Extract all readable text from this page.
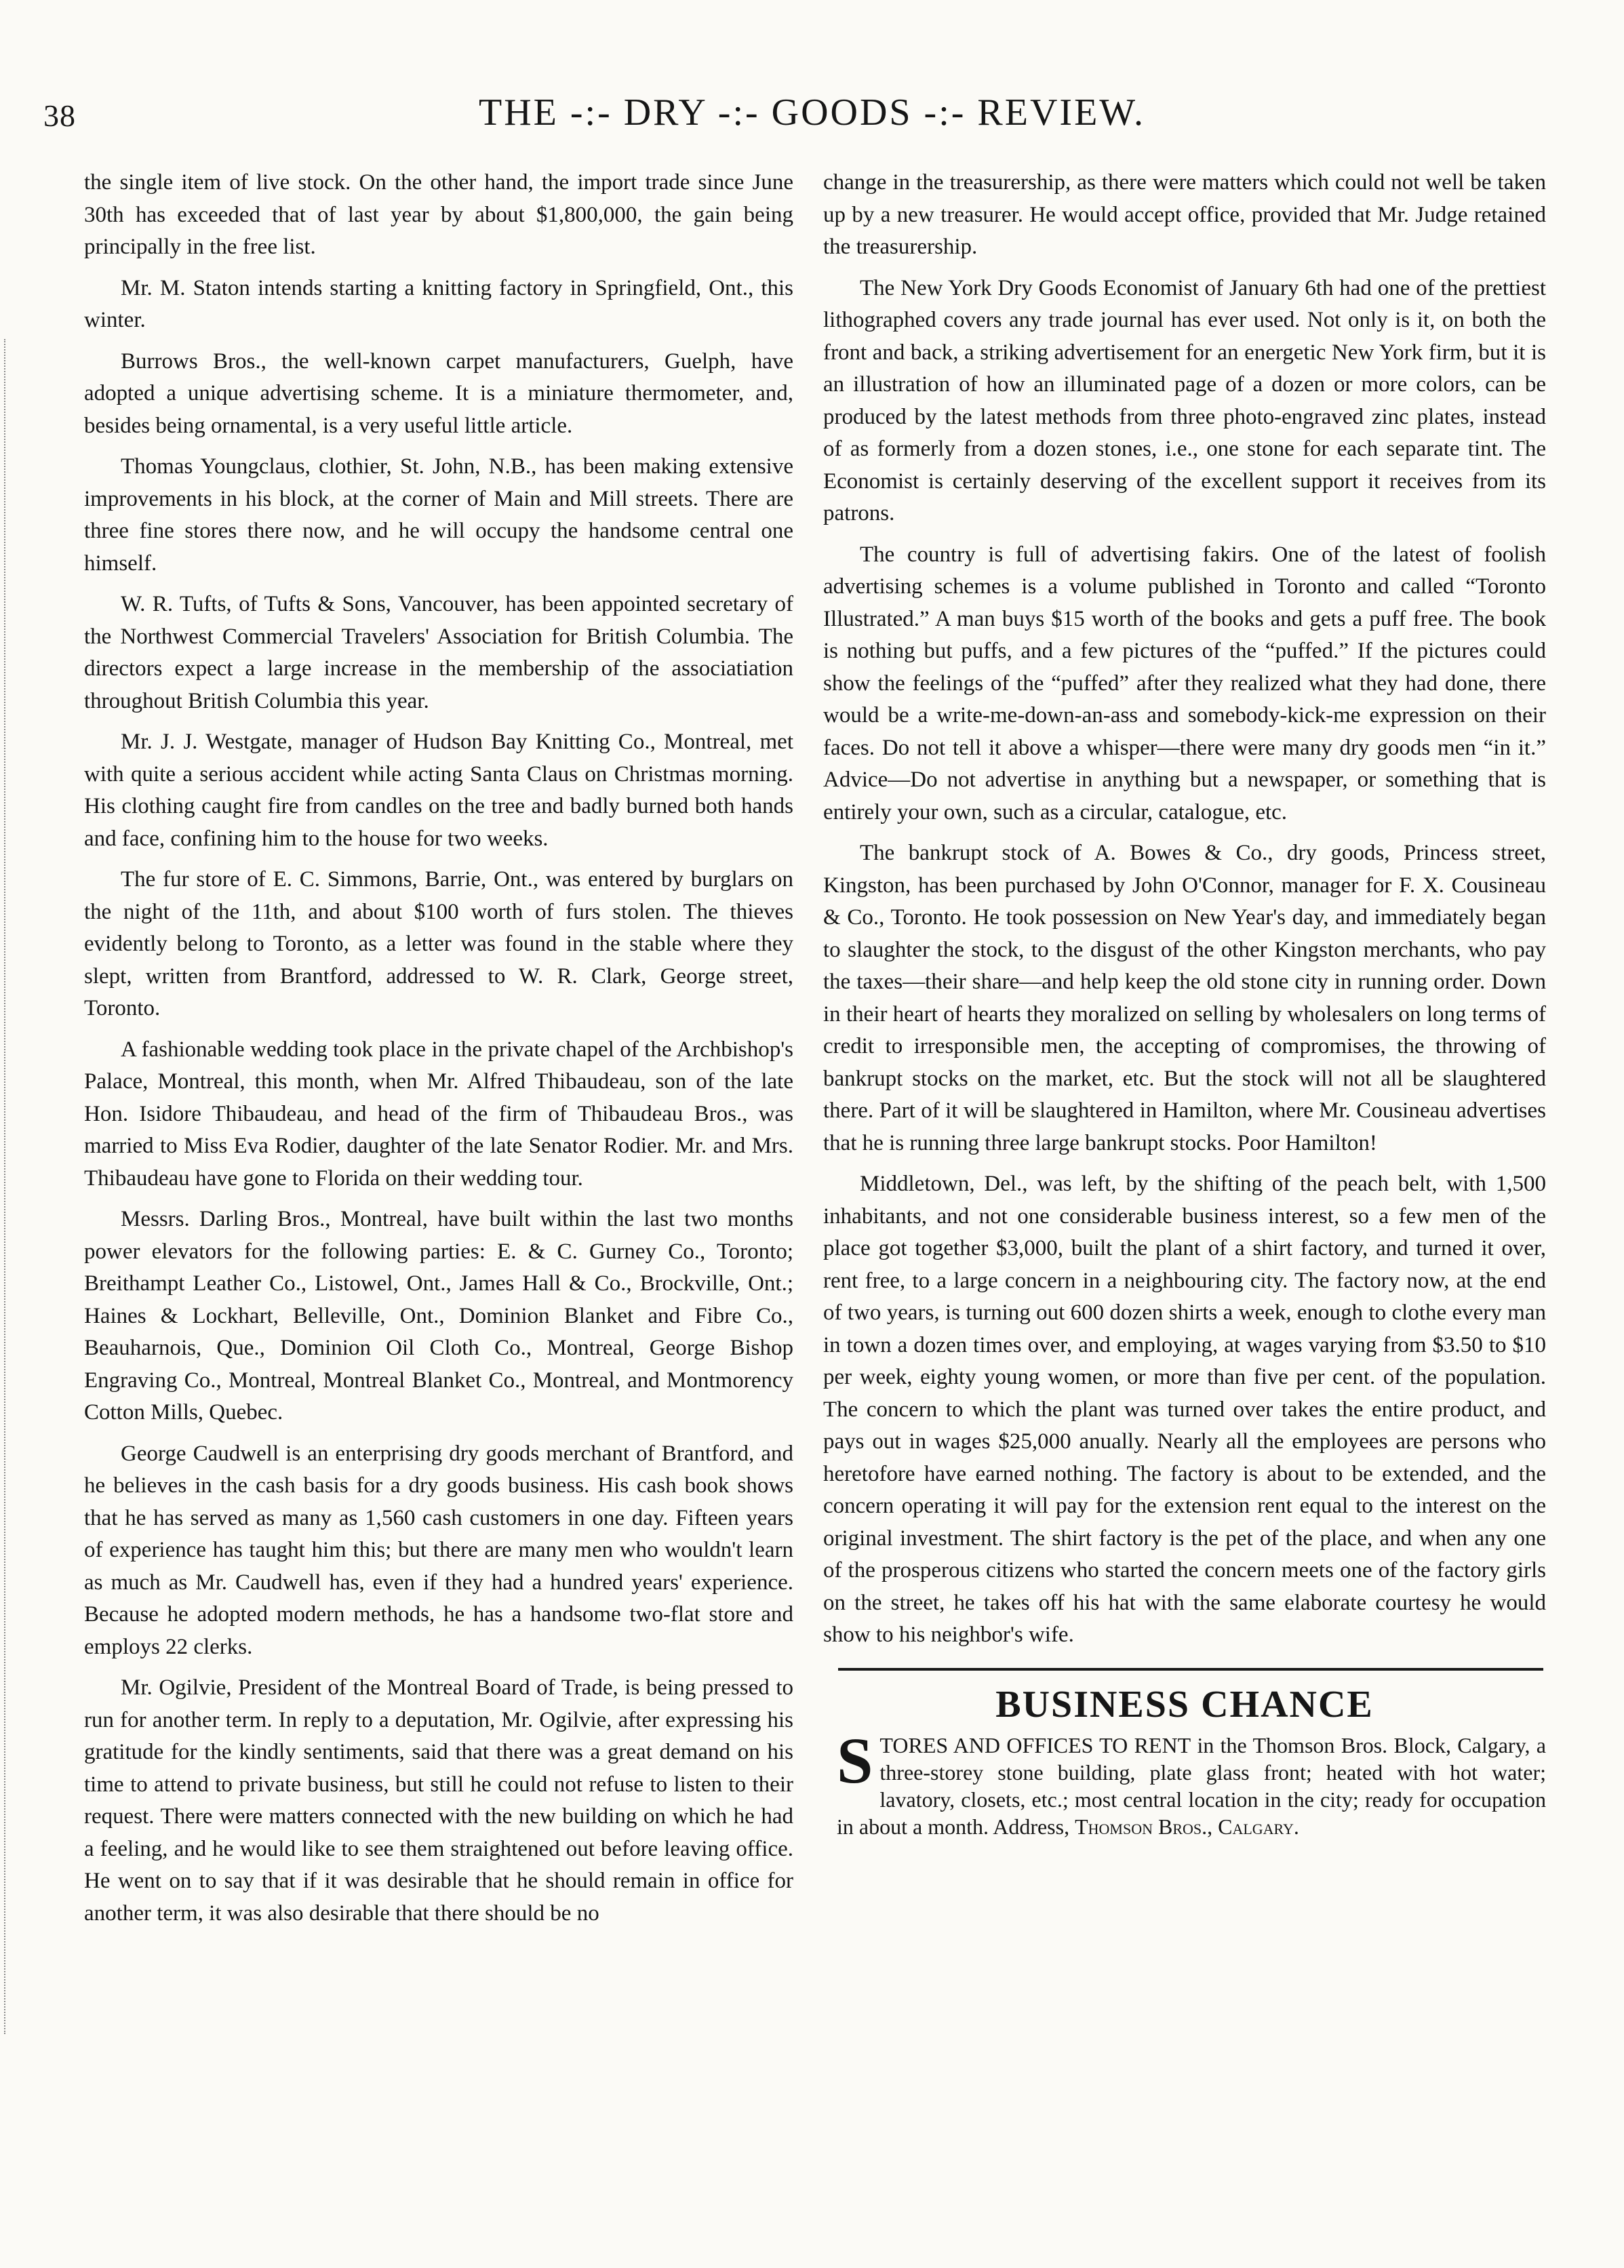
38	THE -:- DRY -:- GOODS -:- REVIEW.

the single item of live stock. On the other hand, the import trade since June 30th has exceeded that of last year by about $1,800,000, the gain being principally in the free list.

Mr. M. Staton intends starting a knitting factory in Springfield, Ont., this winter.

Burrows Bros., the well-known carpet manufacturers, Guelph, have adopted a unique advertising scheme. It is a miniature thermometer, and, besides being ornamental, is a very useful little article.

Thomas Youngclaus, clothier, St. John, N.B., has been making extensive improvements in his block, at the corner of Main and Mill streets. There are three fine stores there now, and he will occupy the handsome central one himself.

W. R. Tufts, of Tufts & Sons, Vancouver, has been appointed secretary of the Northwest Commercial Travelers' Association for British Columbia. The directors expect a large increase in the membership of the associatiation throughout British Columbia this year.

Mr. J. J. Westgate, manager of Hudson Bay Knitting Co., Montreal, met with quite a serious accident while acting Santa Claus on Christmas morning. His clothing caught fire from candles on the tree and badly burned both hands and face, confining him to the house for two weeks.

The fur store of E. C. Simmons, Barrie, Ont., was entered by burglars on the night of the 11th, and about $100 worth of furs stolen. The thieves evidently belong to Toronto, as a letter was found in the stable where they slept, written from Brantford, addressed to W. R. Clark, George street, Toronto.

A fashionable wedding took place in the private chapel of the Archbishop's Palace, Montreal, this month, when Mr. Alfred Thibaudeau, son of the late Hon. Isidore Thibaudeau, and head of the firm of Thibaudeau Bros., was married to Miss Eva Rodier, daughter of the late Senator Rodier. Mr. and Mrs. Thibaudeau have gone to Florida on their wedding tour.

Messrs. Darling Bros., Montreal, have built within the last two months power elevators for the following parties: E. & C. Gurney Co., Toronto; Breithampt Leather Co., Listowel, Ont., James Hall & Co., Brockville, Ont.; Haines & Lockhart, Belleville, Ont., Dominion Blanket and Fibre Co., Beauharnois, Que., Dominion Oil Cloth Co., Montreal, George Bishop Engraving Co., Montreal, Montreal Blanket Co., Montreal, and Montmorency Cotton Mills, Quebec.

George Caudwell is an enterprising dry goods merchant of Brantford, and he believes in the cash basis for a dry goods business. His cash book shows that he has served as many as 1,560 cash customers in one day. Fifteen years of experience has taught him this; but there are many men who wouldn't learn as much as Mr. Caudwell has, even if they had a hundred years' experience. Because he adopted modern methods, he has a handsome two-flat store and employs 22 clerks.

Mr. Ogilvie, President of the Montreal Board of Trade, is being pressed to run for another term. In reply to a deputation, Mr. Ogilvie, after expressing his gratitude for the kindly sentiments, said that there was a great demand on his time to attend to private business, but still he could not refuse to listen to their request. There were matters connected with the new building on which he had a feeling, and he would like to see them straightened out before leaving office. He went on to say that if it was desirable that he should remain in office for another term, it was also desirable that there should be no

change in the treasurership, as there were matters which could not well be taken up by a new treasurer. He would accept office, provided that Mr. Judge retained the treasurership.

The New York Dry Goods Economist of January 6th had one of the prettiest lithographed covers any trade journal has ever used. Not only is it, on both the front and back, a striking advertisement for an energetic New York firm, but it is an illustration of how an illuminated page of a dozen or more colors, can be produced by the latest methods from three photo-engraved zinc plates, instead of as formerly from a dozen stones, i.e., one stone for each separate tint. The Economist is certainly deserving of the excellent support it receives from its patrons.

The country is full of advertising fakirs. One of the latest of foolish advertising schemes is a volume published in Toronto and called “Toronto Illustrated.” A man buys $15 worth of the books and gets a puff free. The book is nothing but puffs, and a few pictures of the “puffed.” If the pictures could show the feelings of the “puffed” after they realized what they had done, there would be a write-me-down-an-ass and somebody-kick-me expression on their faces. Do not tell it above a whisper—there were many dry goods men “in it.” Advice—Do not advertise in anything but a newspaper, or something that is entirely your own, such as a circular, catalogue, etc.

The bankrupt stock of A. Bowes & Co., dry goods, Princess street, Kingston, has been purchased by John O'Connor, manager for F. X. Cousineau & Co., Toronto. He took possession on New Year's day, and immediately began to slaughter the stock, to the disgust of the other Kingston merchants, who pay the taxes—their share—and help keep the old stone city in running order. Down in their heart of hearts they moralized on selling by wholesalers on long terms of credit to irresponsible men, the accepting of compromises, the throwing of bankrupt stocks on the market, etc. But the stock will not all be slaughtered there. Part of it will be slaughtered in Hamilton, where Mr. Cousineau advertises that he is running three large bankrupt stocks. Poor Hamilton!

Middletown, Del., was left, by the shifting of the peach belt, with 1,500 inhabitants, and not one considerable business interest, so a few men of the place got together $3,000, built the plant of a shirt factory, and turned it over, rent free, to a large concern in a neighbouring city. The factory now, at the end of two years, is turning out 600 dozen shirts a week, enough to clothe every man in town a dozen times over, and employing, at wages varying from $3.50 to $10 per week, eighty young women, or more than five per cent. of the population. The concern to which the plant was turned over takes the entire product, and pays out in wages $25,000 anually. Nearly all the employees are persons who heretofore have earned nothing. The factory is about to be extended, and the concern operating it will pay for the extension rent equal to the interest on the original investment. The shirt factory is the pet of the place, and when any one of the prosperous citizens who started the concern meets one of the factory girls on the street, he takes off his hat with the same elaborate courtesy he would show to his neighbor's wife.

BUSINESS CHANCE
S TORES AND OFFICES TO RENT in the Thomson Bros. Block, Calgary, a three-storey stone building, plate glass front; heated with hot water; lavatory, closets, etc.; most central location in the city; ready for occupation in about a month. Address, Thomson Bros., Calgary.
